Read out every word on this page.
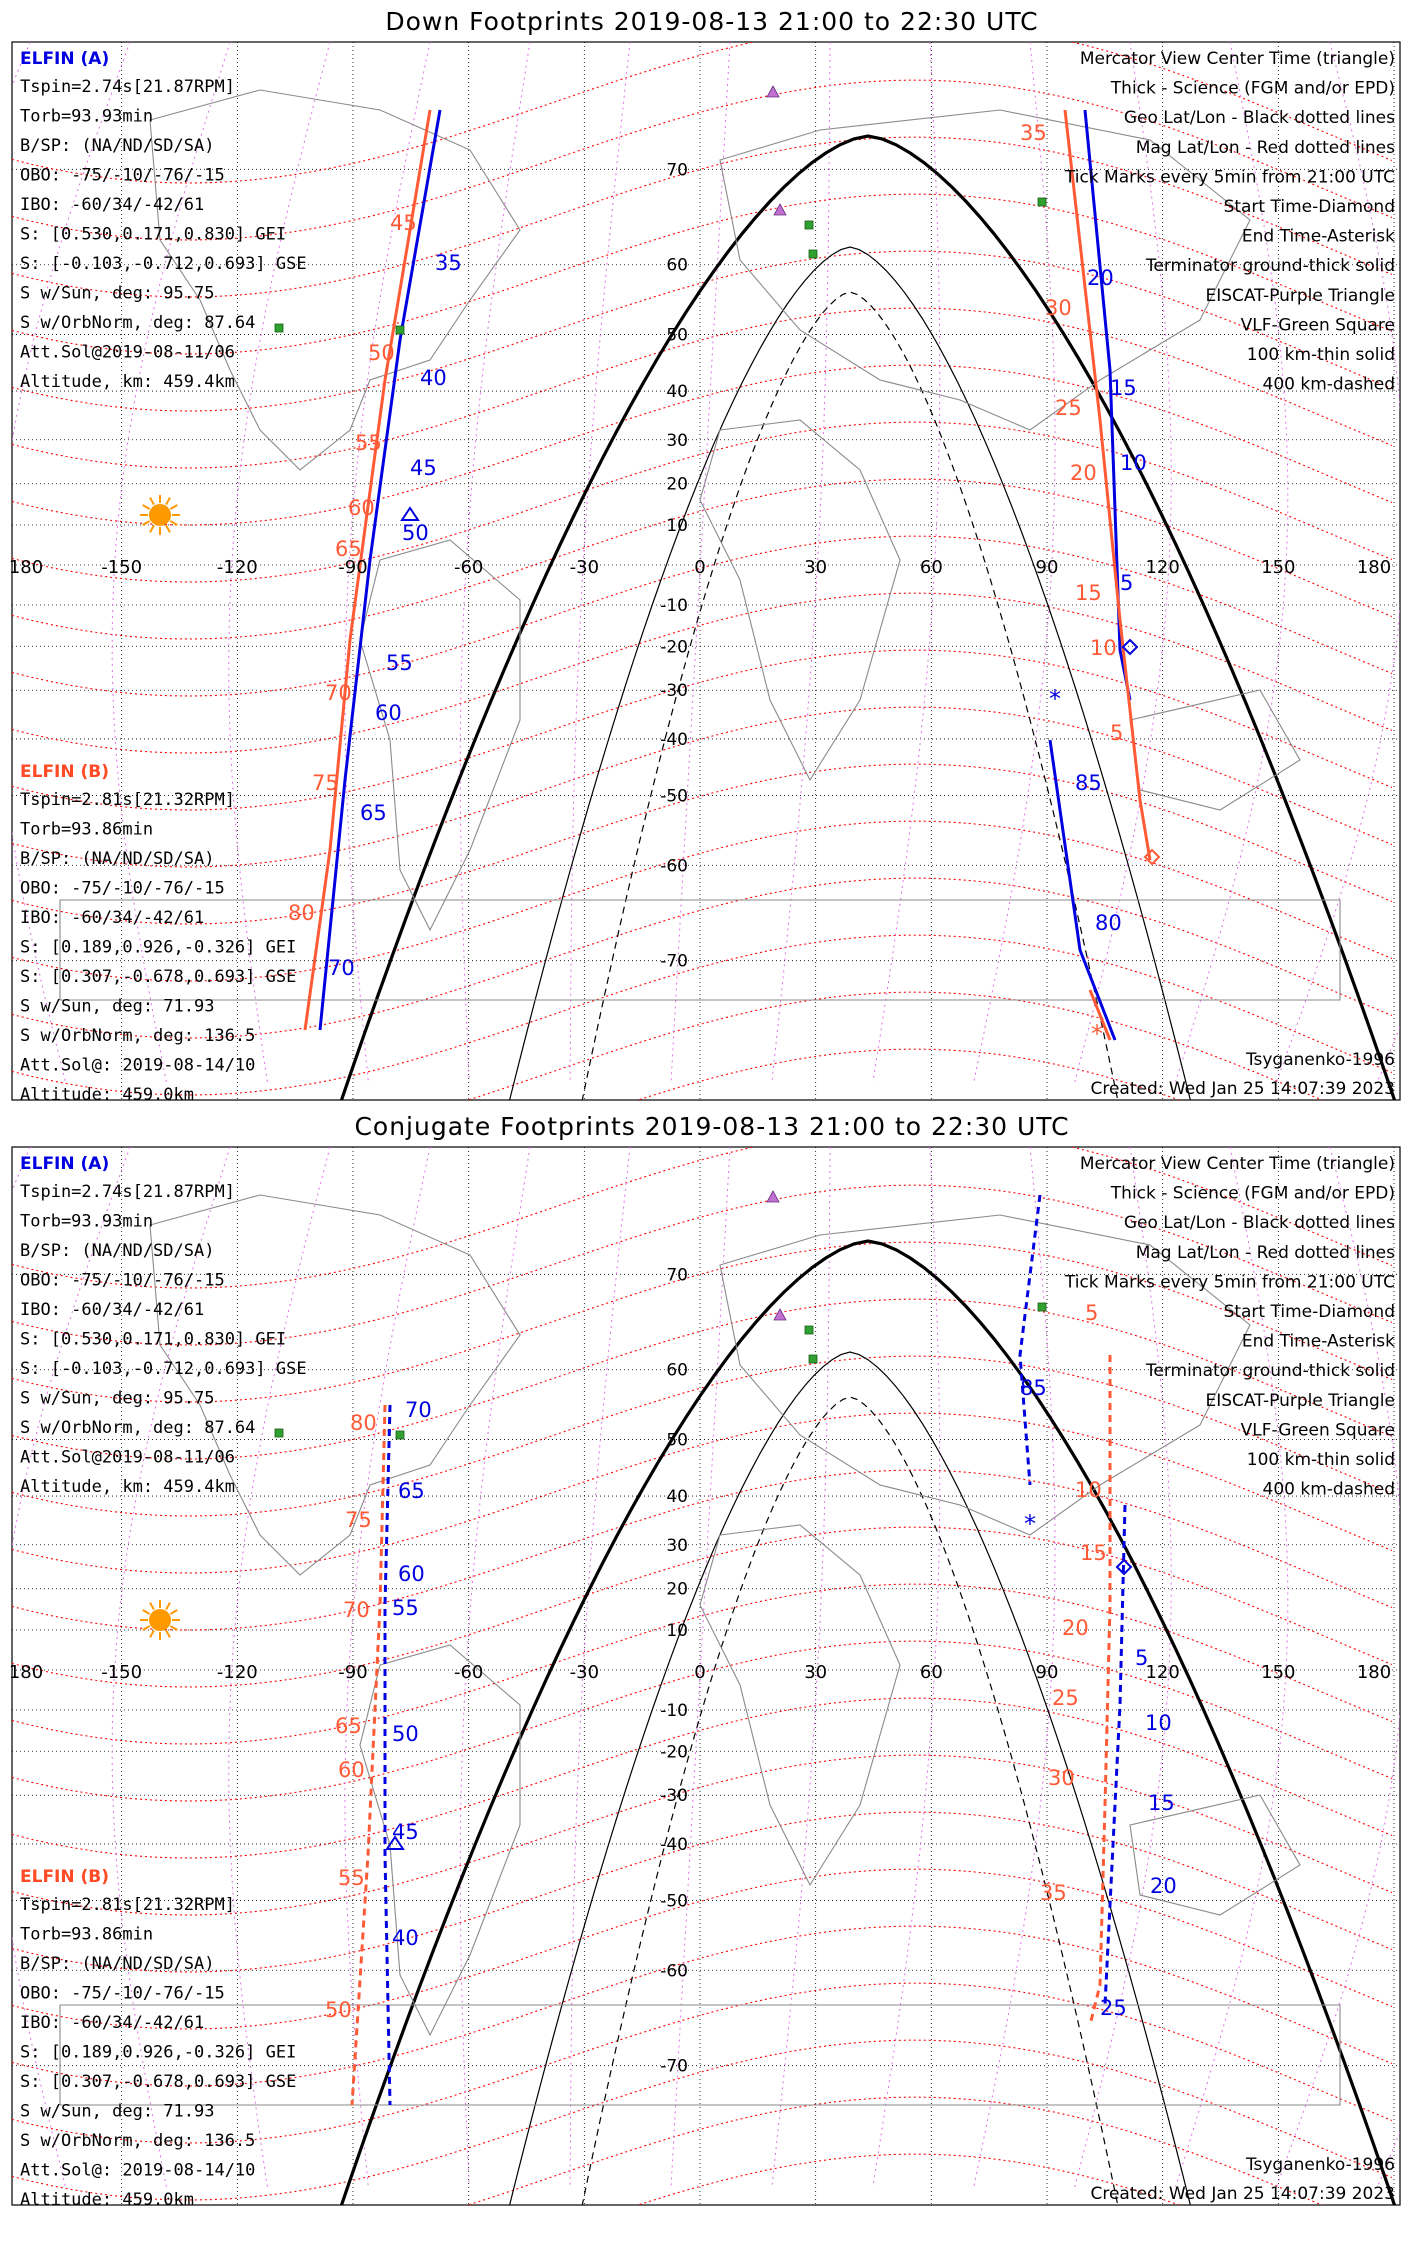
Down Footprints 2019-08-13 21:00 to 22:30 UTC
180	-150	-120	-90	-60	-30	0	30	60	90	120	150	180
70
60
50
40
30
20
10
-10
-20
-30
-40
-50
-60
-70
35
40
45
50
55
60
65
70
85
80
20
15
10
5
45
50
55
60
65
70
75
80
35
30
25
20
15
10
5
*
*
ELFIN (A)
Tspin=2.74s[21.87RPM]
Torb=93.93min
B/SP: (NA/ND/SD/SA)
OBO: -75/-10/-76/-15
IBO: -60/34/-42/61
S: [0.530,0.171,0.830] GEI
S: [-0.103,-0.712,0.693] GSE
S w/Sun, deg: 95.75
S w/OrbNorm, deg: 87.64
Att.Sol@2019-08-11/06
Altitude, km: 459.4km
ELFIN (B)
Tspin=2.81s[21.32RPM]
Torb=93.86min
B/SP: (NA/ND/SD/SA)
OBO: -75/-10/-76/-15
IBO: -60/34/-42/61
S: [0.189,0.926,-0.326] GEI
S: [0.307,-0.678,0.693] GSE
S w/Sun, deg: 71.93
S w/OrbNorm, deg: 136.5
Att.Sol@: 2019-08-14/10
Altitude: 459.0km
Mercator View Center Time (triangle)
Thick - Science (FGM and/or EPD)
Geo Lat/Lon - Black dotted lines
Mag Lat/Lon - Red dotted lines
Tick Marks every 5min from 21:00 UTC
Start Time-Diamond
End Time-Asterisk
Terminator ground-thick solid
EISCAT-Purple Triangle
VLF-Green Square
100 km-thin solid
400 km-dashed
Tsyganenko-1996
Created: Wed Jan 25 14:07:39 2023
Conjugate Footprints 2019-08-13 21:00 to 22:30 UTC
180	-150	-120	-90	-60	-30	0	30	60	90	120	150	180
70
60
50
40
30
20
10
-10
-20
-30
-40
-50
-60
-70
70
65
60
55
50
45
40
85
5
10
15
20
25
80
75
70
65
60
55
50
5
10
15
20
25
30
35
*
ELFIN (A)
Tspin=2.74s[21.87RPM]
Torb=93.93min
B/SP: (NA/ND/SD/SA)
OBO: -75/-10/-76/-15
IBO: -60/34/-42/61
S: [0.530,0.171,0.830] GEI
S: [-0.103,-0.712,0.693] GSE
S w/Sun, deg: 95.75
S w/OrbNorm, deg: 87.64
Att.Sol@2019-08-11/06
Altitude, km: 459.4km
ELFIN (B)
Tspin=2.81s[21.32RPM]
Torb=93.86min
B/SP: (NA/ND/SD/SA)
OBO: -75/-10/-76/-15
IBO: -60/34/-42/61
S: [0.189,0.926,-0.326] GEI
S: [0.307,-0.678,0.693] GSE
S w/Sun, deg: 71.93
S w/OrbNorm, deg: 136.5
Att.Sol@: 2019-08-14/10
Altitude: 459.0km
Mercator View Center Time (triangle)
Thick - Science (FGM and/or EPD)
Geo Lat/Lon - Black dotted lines
Mag Lat/Lon - Red dotted lines
Tick Marks every 5min from 21:00 UTC
Start Time-Diamond
End Time-Asterisk
Terminator ground-thick solid
EISCAT-Purple Triangle
VLF-Green Square
100 km-thin solid
400 km-dashed
Tsyganenko-1996
Created: Wed Jan 25 14:07:39 2023
